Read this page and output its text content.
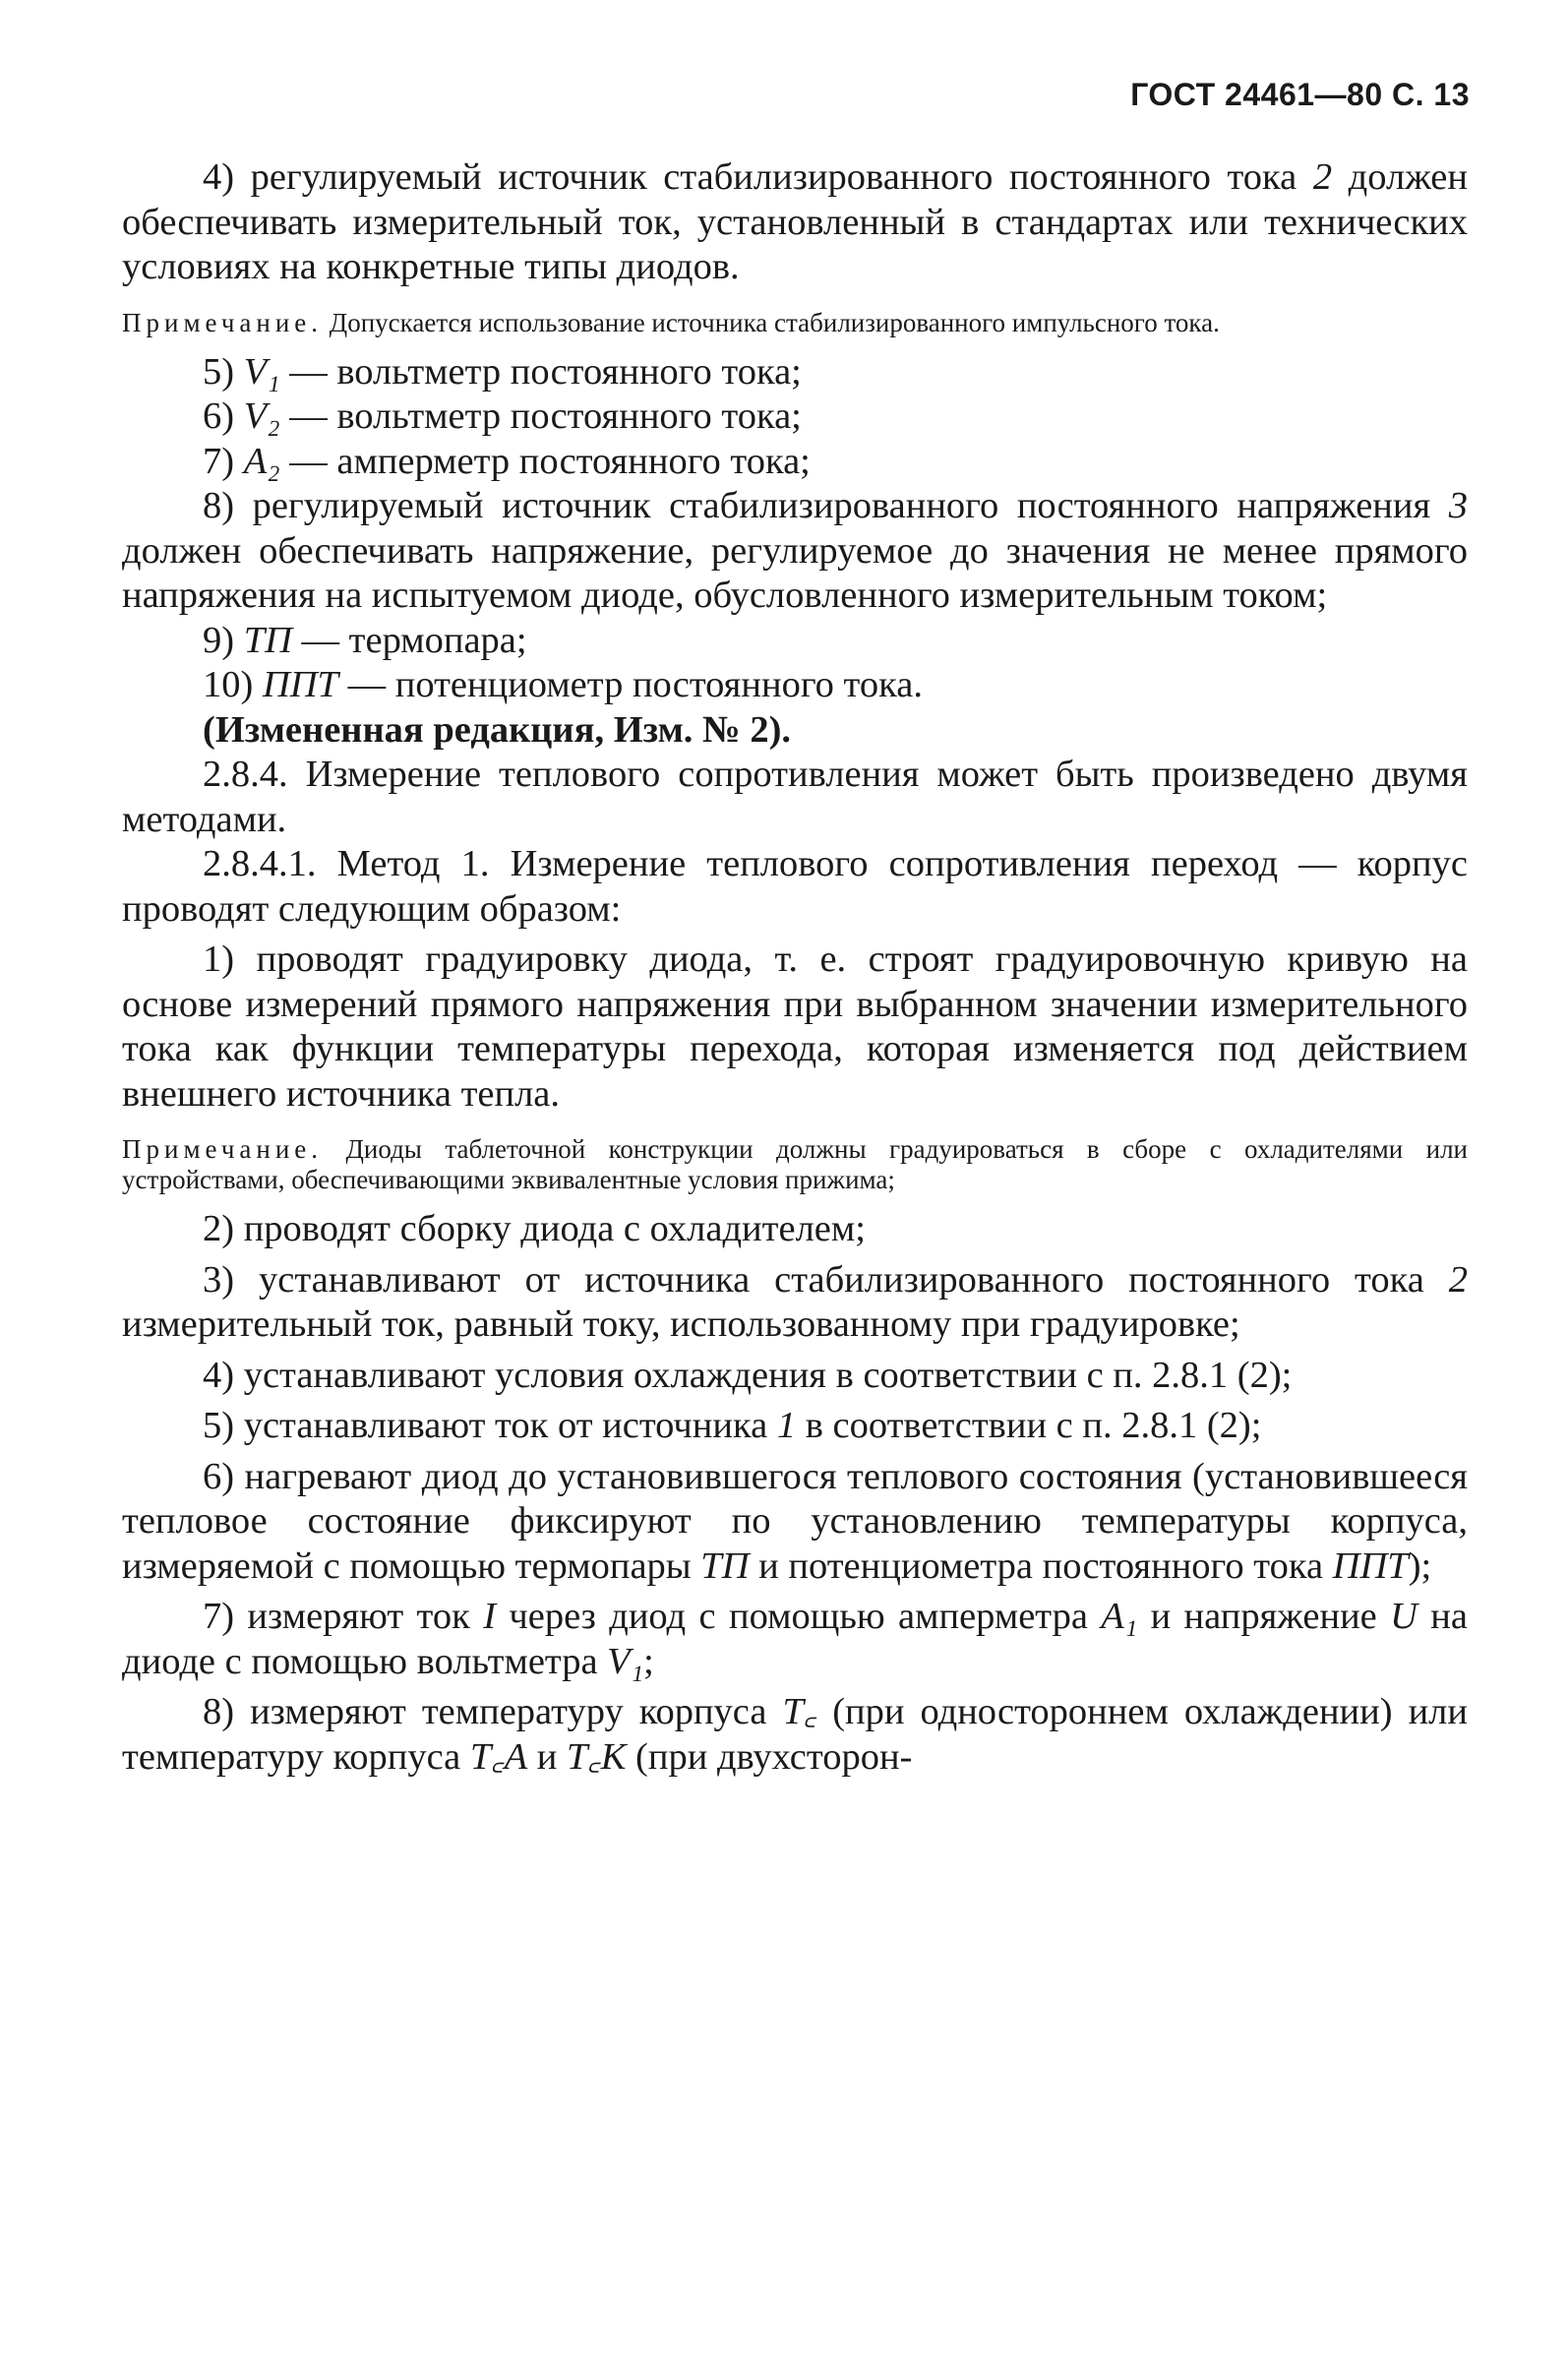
ГОСТ 24461—80 С. 13

4) регулируемый источник стабилизированного постоянного тока 2 должен обеспечивать измерительный ток, установленный в стандартах или технических условиях на конкретные типы диодов.

Примечание. Допускается использование источника стабилизированного импульсного тока.

5) V₁ — вольтметр постоянного тока;

6) V₂ — вольтметр постоянного тока;

7) A₂ — амперметр постоянного тока;

8) регулируемый источник стабилизированного постоянного напряжения 3 должен обеспечивать напряжение, регулируемое до значения не менее прямого напряжения на испытуемом диоде, обусловленного измерительным током;

9) ТП — термопара;

10) ППТ — потенциометр постоянного тока.

(Измененная редакция, Изм. № 2).

2.8.4. Измерение теплового сопротивления может быть произведено двумя методами.

2.8.4.1. Метод 1. Измерение теплового сопротивления переход — корпус проводят следующим образом:

1) проводят градуировку диода, т. е. строят градуировочную кривую на основе измерений прямого напряжения при выбранном значении измерительного тока как функции температуры перехода, которая изменяется под действием внешнего источника тепла.

Примечание. Диоды таблеточной конструкции должны градуироваться в сборе с охладителями или устройствами, обеспечивающими эквивалентные условия прижима;

2) проводят сборку диода с охладителем;

3) устанавливают от источника стабилизированного постоянного тока 2 измерительный ток, равный току, использованному при градуировке;

4) устанавливают условия охлаждения в соответствии с п. 2.8.1 (2);

5) устанавливают ток от источника 1 в соответствии с п. 2.8.1 (2);

6) нагревают диод до установившегося теплового состояния (установившееся тепловое состояние фиксируют по установлению температуры корпуса, измеряемой с помощью термопары ТП и потенциометра постоянного тока ППТ);

7) измеряют ток I через диод с помощью амперметра A₁ и напряжение U на диоде с помощью вольтметра V₁;

8) измеряют температуру корпуса T꜀ (при одностороннем охлаждении) или температуру корпуса T꜀A и T꜀K (при двухсторон-
